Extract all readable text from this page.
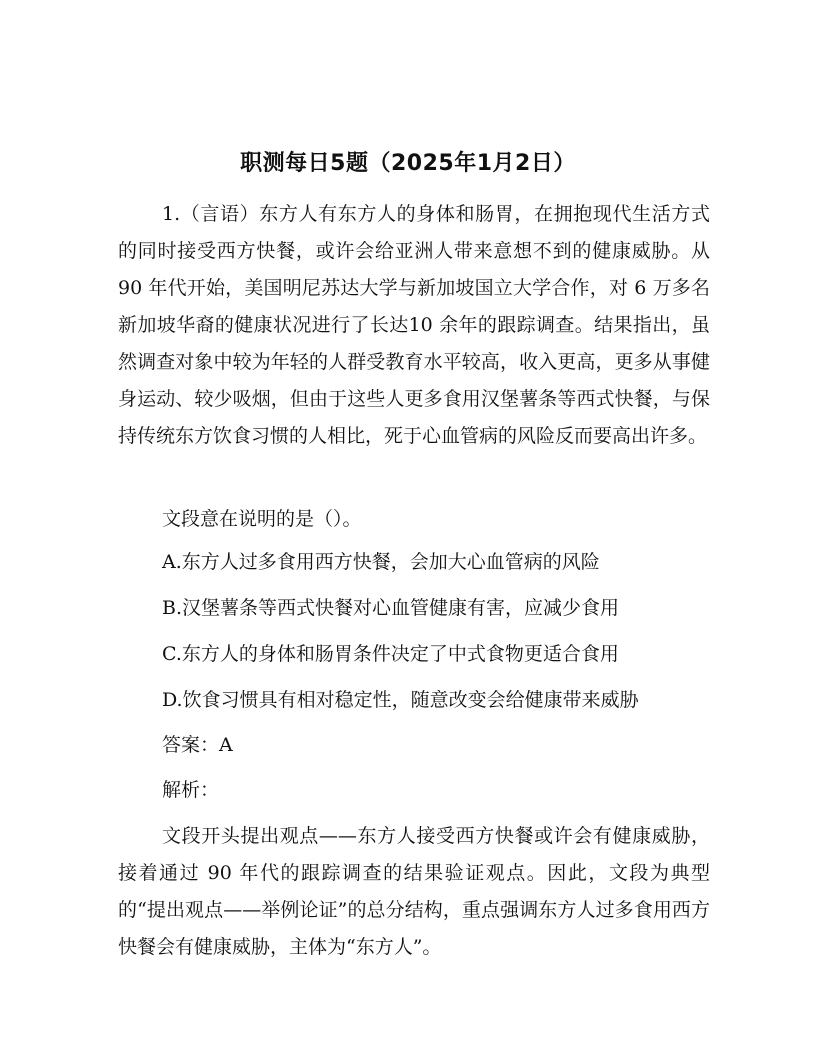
职测每日5题（2025年1月2日）

1.（言语）东方人有东方人的身体和肠胃，在拥抱现代生活方式的同时接受西方快餐，或许会给亚洲人带来意想不到的健康威胁。从 90 年代开始，美国明尼苏达大学与新加坡国立大学合作，对 6 万多名新加坡华裔的健康状况进行了长达10 余年的跟踪调查。结果指出，虽然调查对象中较为年轻的人群受教育水平较高，收入更高，更多从事健身运动、较少吸烟，但由于这些人更多食用汉堡薯条等西式快餐，与保持传统东方饮食习惯的人相比，死于心血管病的风险反而要高出许多。

文段意在说明的是（）。

A.东方人过多食用西方快餐，会加大心血管病的风险

B.汉堡薯条等西式快餐对心血管健康有害，应减少食用

C.东方人的身体和肠胃条件决定了中式食物更适合食用

D.饮食习惯具有相对稳定性，随意改变会给健康带来威胁

答案：A

解析：

文段开头提出观点——东方人接受西方快餐或许会有健康威胁，接着通过 90 年代的跟踪调查的结果验证观点。因此，文段为典型的“提出观点——举例论证”的总分结构，重点强调东方人过多食用西方快餐会有健康威胁，主体为“东方人”。
